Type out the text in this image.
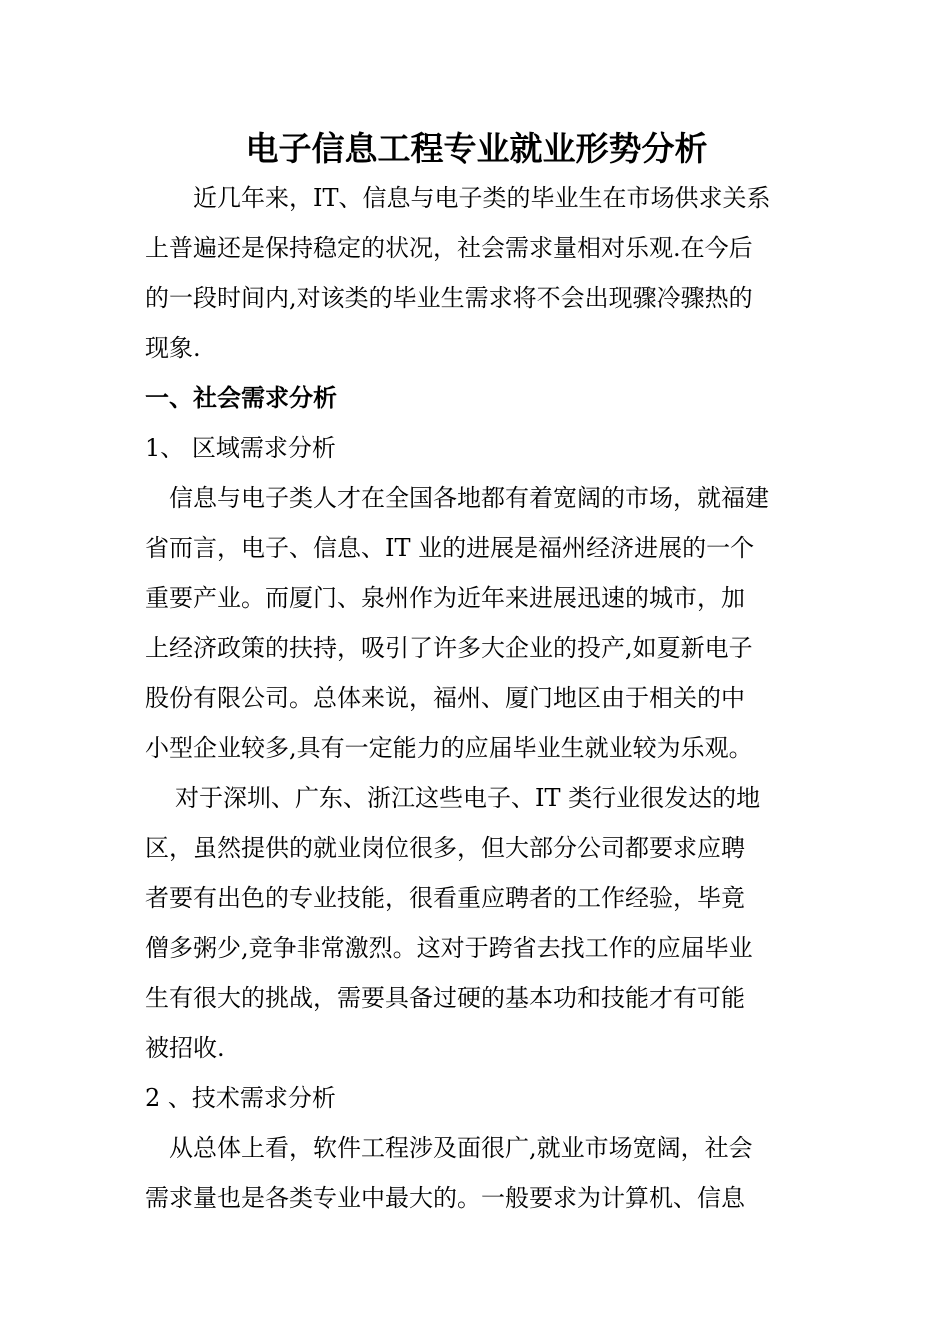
电子信息工程专业就业形势分析
近几年来，IT、信息与电子类的毕业生在市场供求关系
上普遍还是保持稳定的状况，社会需求量相对乐观.在今后
的一段时间内,对该类的毕业生需求将不会出现骤冷骤热的
现象.
一、社会需求分析
1、 区域需求分析
信息与电子类人才在全国各地都有着宽阔的市场，就福建
省而言，电子、信息、IT 业的进展是福州经济进展的一个
重要产业。而厦门、泉州作为近年来进展迅速的城市，加
上经济政策的扶持，吸引了许多大企业的投产,如夏新电子
股份有限公司。总体来说，福州、厦门地区由于相关的中
小型企业较多,具有一定能力的应届毕业生就业较为乐观。
对于深圳、广东、浙江这些电子、IT 类行业很发达的地
区，虽然提供的就业岗位很多，但大部分公司都要求应聘
者要有出色的专业技能，很看重应聘者的工作经验，毕竟
僧多粥少,竞争非常激烈。这对于跨省去找工作的应届毕业
生有很大的挑战，需要具备过硬的基本功和技能才有可能
被招收.
2 、技术需求分析
从总体上看，软件工程涉及面很广,就业市场宽阔，社会
需求量也是各类专业中最大的。一般要求为计算机、信息
